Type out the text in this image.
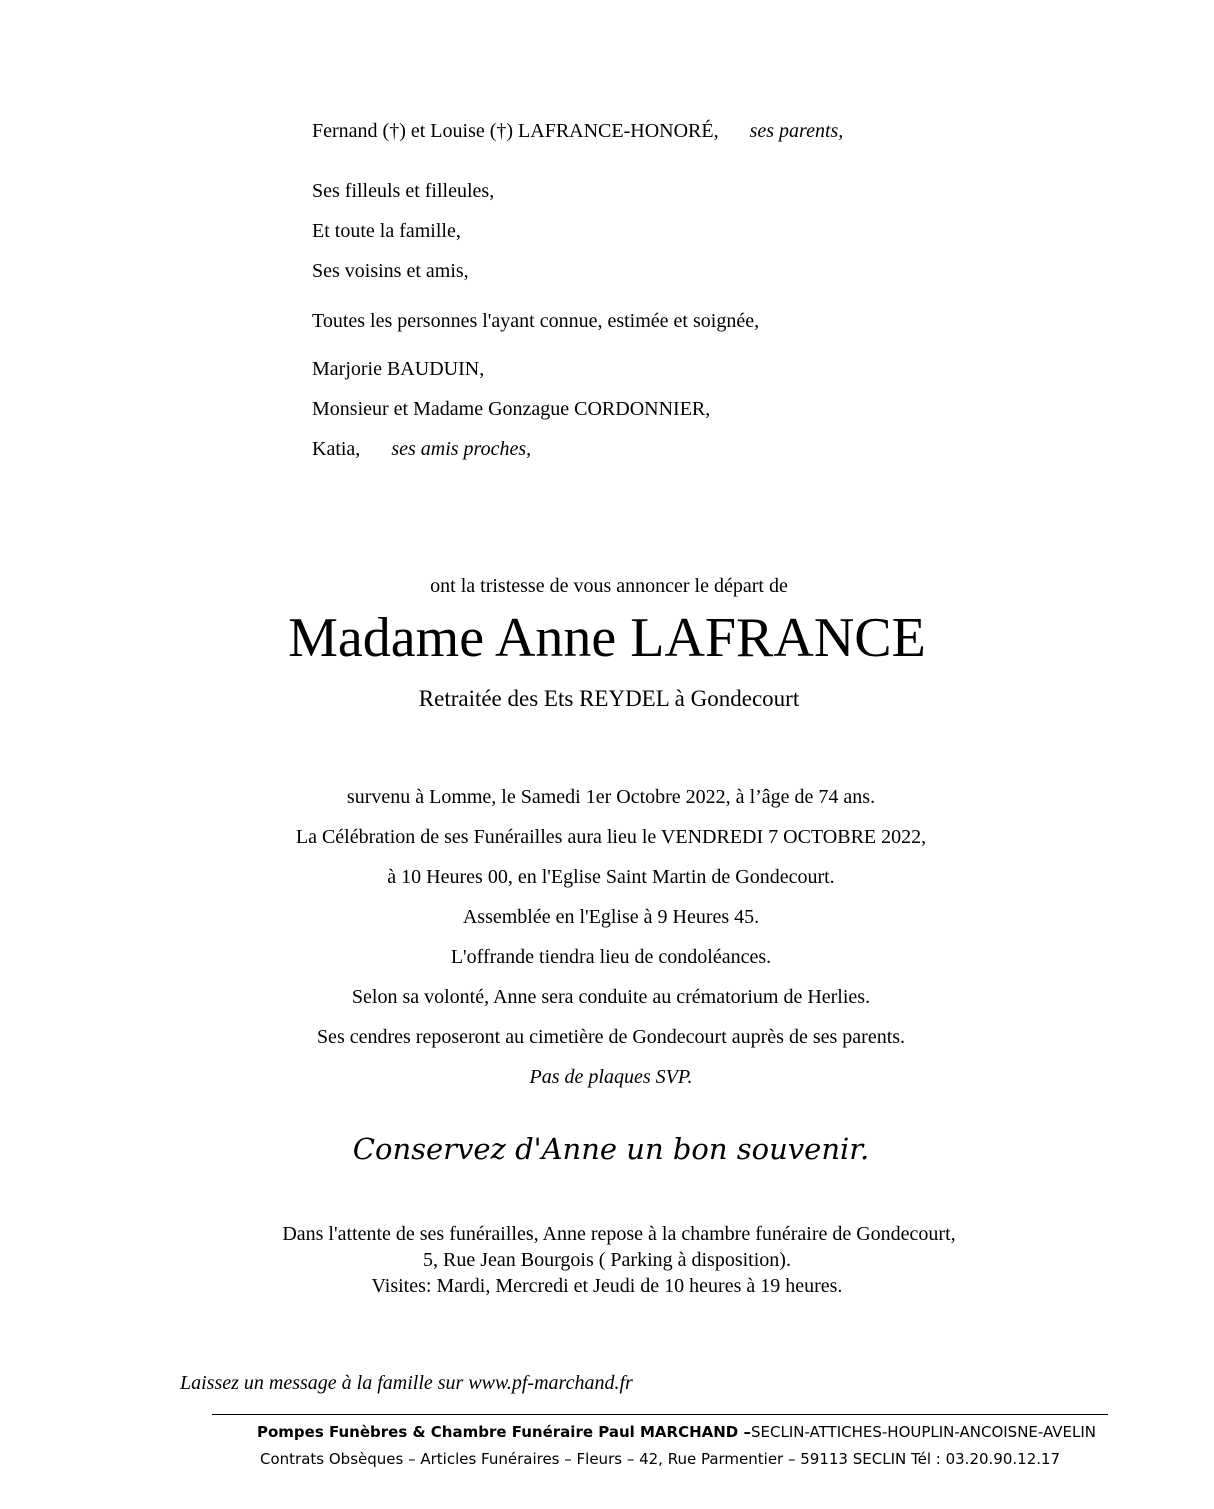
Fernand (†) et Louise (†) LAFRANCE-HONORÉ, ses parents,
Ses filleuls et filleules,
Et toute la famille,
Ses voisins et amis,
Toutes les personnes l'ayant connue, estimée et soignée,
Marjorie BAUDUIN,
Monsieur et Madame Gonzague CORDONNIER,
Katia, ses amis proches,
ont la tristesse de vous annoncer le départ de
Madame Anne LAFRANCE
Retraitée des Ets REYDEL à Gondecourt
survenu à Lomme, le Samedi 1er Octobre 2022, à l’âge de 74 ans.
La Célébration de ses Funérailles aura lieu le VENDREDI 7 OCTOBRE 2022,
à 10 Heures 00, en l'Eglise Saint Martin de Gondecourt.
Assemblée en l'Eglise à 9 Heures 45.
L'offrande tiendra lieu de condoléances.
Selon sa volonté, Anne sera conduite au crématorium de Herlies.
Ses cendres reposeront au cimetière de Gondecourt auprès de ses parents.
Pas de plaques SVP.
Conservez d'Anne un bon souvenir.
Dans l'attente de ses funérailles, Anne repose à la chambre funéraire de Gondecourt,
5, Rue Jean Bourgois ( Parking à disposition).
Visites: Mardi, Mercredi et Jeudi de 10 heures à 19 heures.
Laissez un message à la famille sur www.pf-marchand.fr
Pompes Funèbres & Chambre Funéraire Paul MARCHAND –SECLIN-ATTICHES-HOUPLIN-ANCOISNE-AVELIN
Contrats Obsèques – Articles Funéraires – Fleurs – 42, Rue Parmentier – 59113 SECLIN Tél : 03.20.90.12.17
